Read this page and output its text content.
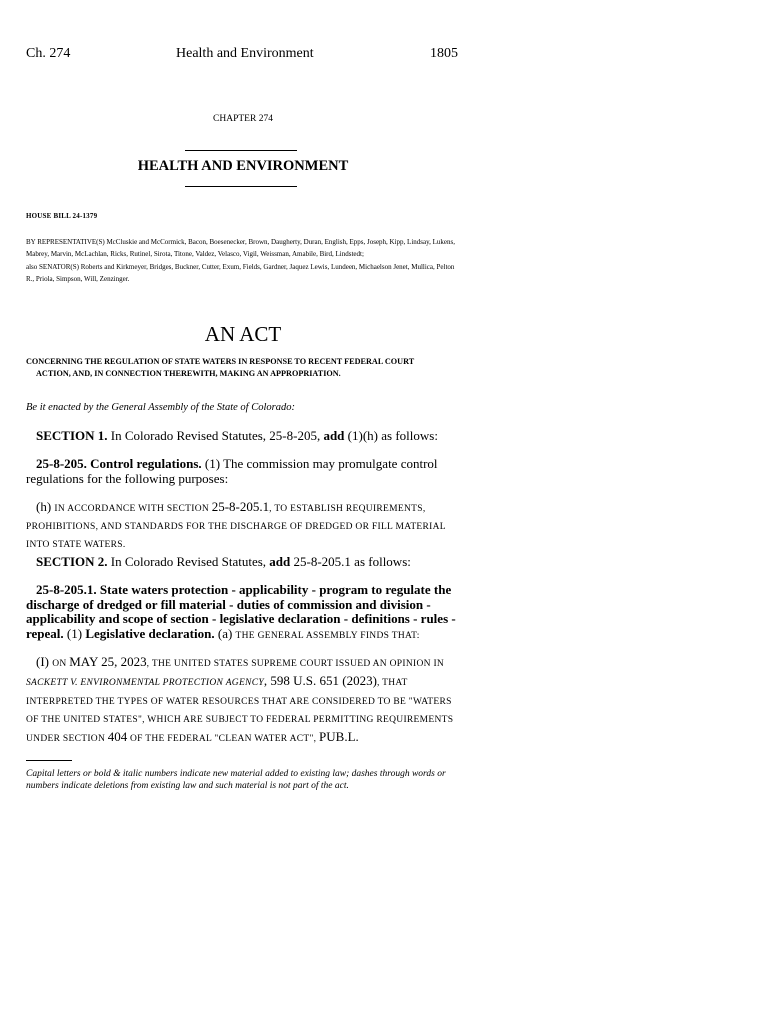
Ch. 274	Health and Environment	1805
CHAPTER 274
HEALTH AND ENVIRONMENT
HOUSE BILL 24-1379

BY REPRESENTATIVE(S) McCluskie and McCormick, Bacon, Boesenecker, Brown, Daugherty, Duran, English, Epps, Joseph, Kipp, Lindsay, Lukens, Mabrey, Marvin, McLachlan, Ricks, Rutinel, Sirota, Titone, Valdez, Velasco, Vigil, Weissman, Amabile, Bird, Lindstedt;

also SENATOR(S) Roberts and Kirkmeyer, Bridges, Buckner, Cutter, Exum, Fields, Gardner, Jaquez Lewis, Lundeen, Michaelson Jenet, Mullica, Pelton R., Priola, Simpson, Will, Zenzinger.

AN ACT
CONCERNING THE REGULATION OF STATE WATERS IN RESPONSE TO RECENT FEDERAL COURT
ACTION, AND, IN CONNECTION THEREWITH, MAKING AN APPROPRIATION.
Be it enacted by the General Assembly of the State of Colorado:
SECTION 1. In Colorado Revised Statutes, 25-8-205, add (1)(h) as follows:
25-8-205. Control regulations. (1) The commission may promulgate control regulations for the following purposes:
(h) IN ACCORDANCE WITH SECTION 25-8-205.1, TO ESTABLISH REQUIREMENTS, PROHIBITIONS, AND STANDARDS FOR THE DISCHARGE OF DREDGED OR FILL MATERIAL INTO STATE WATERS.
SECTION 2. In Colorado Revised Statutes, add 25-8-205.1 as follows:
25-8-205.1. State waters protection - applicability - program to regulate the discharge of dredged or fill material - duties of commission and division - applicability and scope of section - legislative declaration - definitions - rules - repeal. (1) Legislative declaration. (a) THE GENERAL ASSEMBLY FINDS THAT:
(I) ON MAY 25, 2023, THE UNITED STATES SUPREME COURT ISSUED AN OPINION IN SACKETT V. ENVIRONMENTAL PROTECTION AGENCY, 598 U.S. 651 (2023), THAT INTERPRETED THE TYPES OF WATER RESOURCES THAT ARE CONSIDERED TO BE "WATERS OF THE UNITED STATES", WHICH ARE SUBJECT TO FEDERAL PERMITTING REQUIREMENTS UNDER SECTION 404 OF THE FEDERAL "CLEAN WATER ACT", PUB.L.
Capital letters or bold & italic numbers indicate new material added to existing law; dashes through words or numbers indicate deletions from existing law and such material is not part of the act.
